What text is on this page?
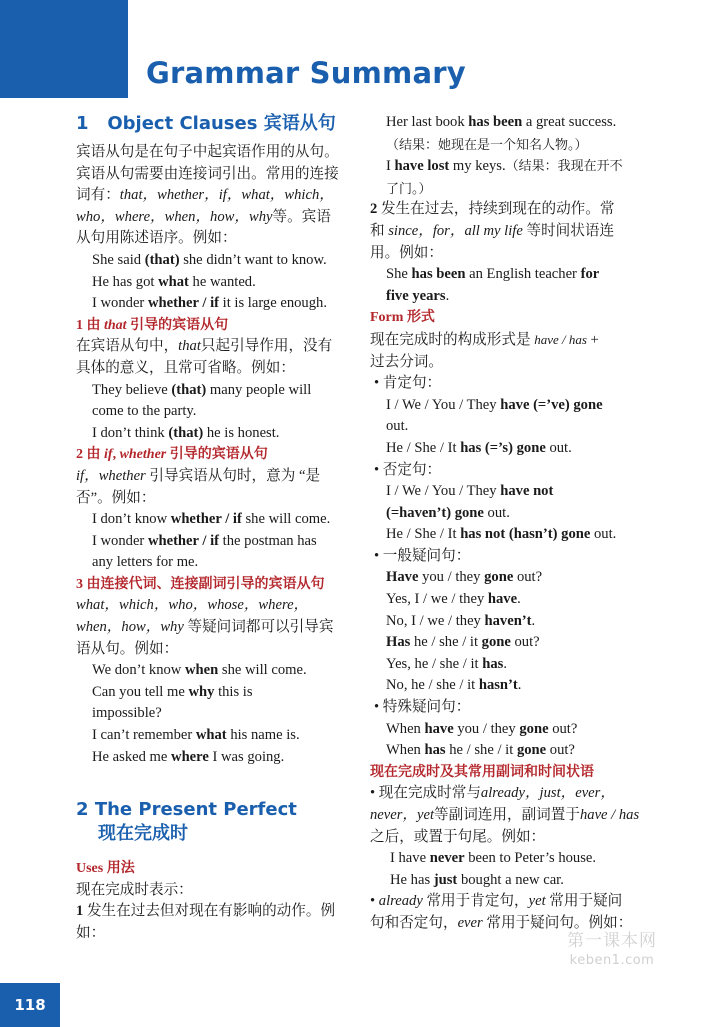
Grammar Summary
1 Object Clauses 宾语从句
宾语从句是在句子中起宾语作用的从句。
宾语从句需要由连接词引出。常用的连接
词有：that，whether，if，what，which，
who，where，when，how，why等。宾语
从句用陈述语序。例如：
She said (that) she didn’t want to know.
He has got what he wanted.
I wonder whether / if it is large enough.
1 由 that 引导的宾语从句
在宾语从句中，that只起引导作用，没有
具体的意义，且常可省略。例如：
They believe (that) many people will
come to the party.
I don’t think (that) he is honest.
2 由 if, whether 引导的宾语从句
if，whether 引导宾语从句时，意为 “是
否”。例如：
I don’t know whether / if she will come.
I wonder whether / if the postman has
any letters for me.
3 由连接代词、连接副词引导的宾语从句
what，which，who，whose，where，
when，how，why 等疑问词都可以引导宾
语从句。例如：
We don’t know when she will come.
Can you tell me why this is
impossible?
I can’t remember what his name is.
He asked me where I was going.
2 The Present Perfect
现在完成时
Uses 用法
现在完成时表示：
1 发生在过去但对现在有影响的动作。例
如：
Her last book has been a great success.
（结果：她现在是一个知名人物。）
I have lost my keys.（结果：我现在开不
了门。）
2 发生在过去，持续到现在的动作。常
和 since，for，all my life 等时间状语连
用。例如：
She has been an English teacher for
five years.
Form 形式
现在完成时的构成形式是 have / has +
过去分词。
• 肯定句：
I / We / You / They have (=’ve) gone
out.
He / She / It has (=’s) gone out.
• 否定句：
I / We / You / They have not
(=haven’t) gone out.
He / She / It has not (hasn’t) gone out.
• 一般疑问句：
Have you / they gone out?
Yes, I / we / they have.
No, I / we / they haven’t.
Has he / she / it gone out?
Yes, he / she / it has.
No, he / she / it hasn’t.
• 特殊疑问句：
When have you / they gone out?
When has he / she / it gone out?
现在完成时及其常用副词和时间状语
• 现在完成时常与already，just，ever，
never，yet等副词连用，副词置于have / has
之后，或置于句尾。例如：
I have never been to Peter’s house.
He has just bought a new car.
• already 常用于肯定句，yet 常用于疑问
句和否定句，ever 常用于疑问句。例如：
第一课本网
keben1.com
118
